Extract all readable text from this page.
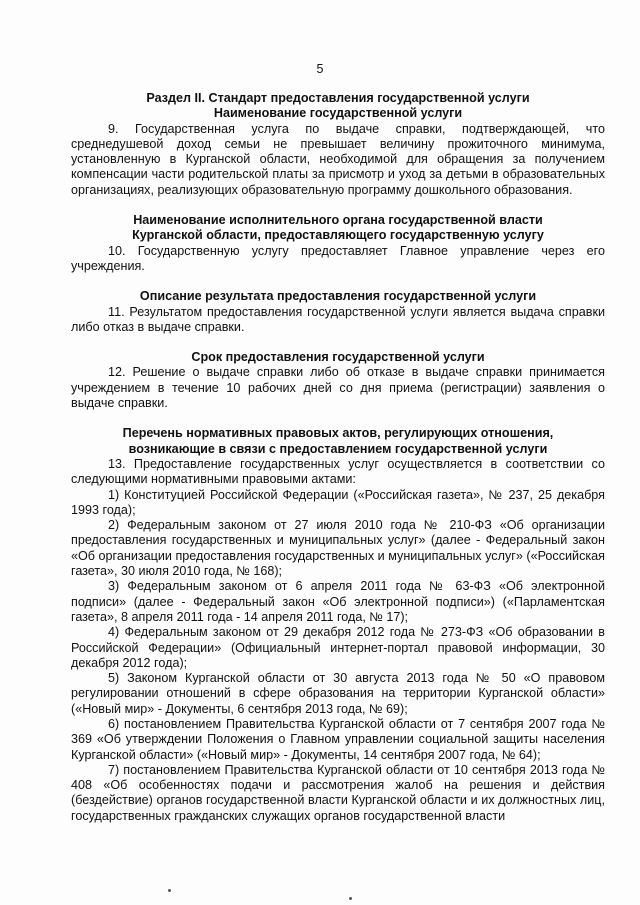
5
Раздел II. Стандарт предоставления государственной услуги
Наименование государственной услуги

9. Государственная услуга по выдаче справки, подтверждающей, что среднедушевой доход семьи не превышает величину прожиточного минимума, установленную в Курганской области, необходимой для обращения за получением компенсации части родительской платы за присмотр и уход за детьми в образовательных организациях, реализующих образовательную программу дошкольного образования.

Наименование исполнительного органа государственной власти
Курганской области, предоставляющего государственную услугу

10. Государственную услугу предоставляет Главное управление через его учреждения.

Описание результата предоставления государственной услуги

11. Результатом предоставления государственной услуги является выдача справки либо отказ в выдаче справки.

Срок предоставления государственной услуги

12. Решение о выдаче справки либо об отказе в выдаче справки принимается учреждением в течение 10 рабочих дней со дня приема (регистрации) заявления о выдаче справки.

Перечень нормативных правовых актов, регулирующих отношения,
возникающие в связи с предоставлением государственной услуги

13. Предоставление государственных услуг осуществляется в соответствии со следующими нормативными правовыми актами:

1) Конституцией Российской Федерации («Российская газета», № 237, 25 декабря 1993 года);

2) Федеральным законом от 27 июля 2010 года № 210-ФЗ «Об организации предоставления государственных и муниципальных услуг» (далее - Федеральный закон «Об организации предоставления государственных и муниципальных услуг» («Российская газета», 30 июля 2010 года, № 168);

3) Федеральным законом от 6 апреля 2011 года № 63-ФЗ «Об электронной подписи» (далее - Федеральный закон «Об электронной подписи») («Парламентская газета», 8 апреля 2011 года - 14 апреля 2011 года, № 17);

4) Федеральным законом от 29 декабря 2012 года № 273-ФЗ «Об образовании в Российской Федерации» (Официальный интернет-портал правовой информации, 30 декабря 2012 года);

5) Законом Курганской области от 30 августа 2013 года № 50 «О правовом регулировании отношений в сфере образования на территории Курганской области» («Новый мир» - Документы, 6 сентября 2013 года, № 69);

6) постановлением Правительства Курганской области от 7 сентября 2007 года № 369 «Об утверждении Положения о Главном управлении социальной защиты населения Курганской области» («Новый мир» - Документы, 14 сентября 2007 года, № 64);

7) постановлением Правительства Курганской области от 10 сентября 2013 года № 408 «Об особенностях подачи и рассмотрения жалоб на решения и действия (бездействие) органов государственной власти Курганской области и их должностных лиц, государственных гражданских служащих органов государственной власти
